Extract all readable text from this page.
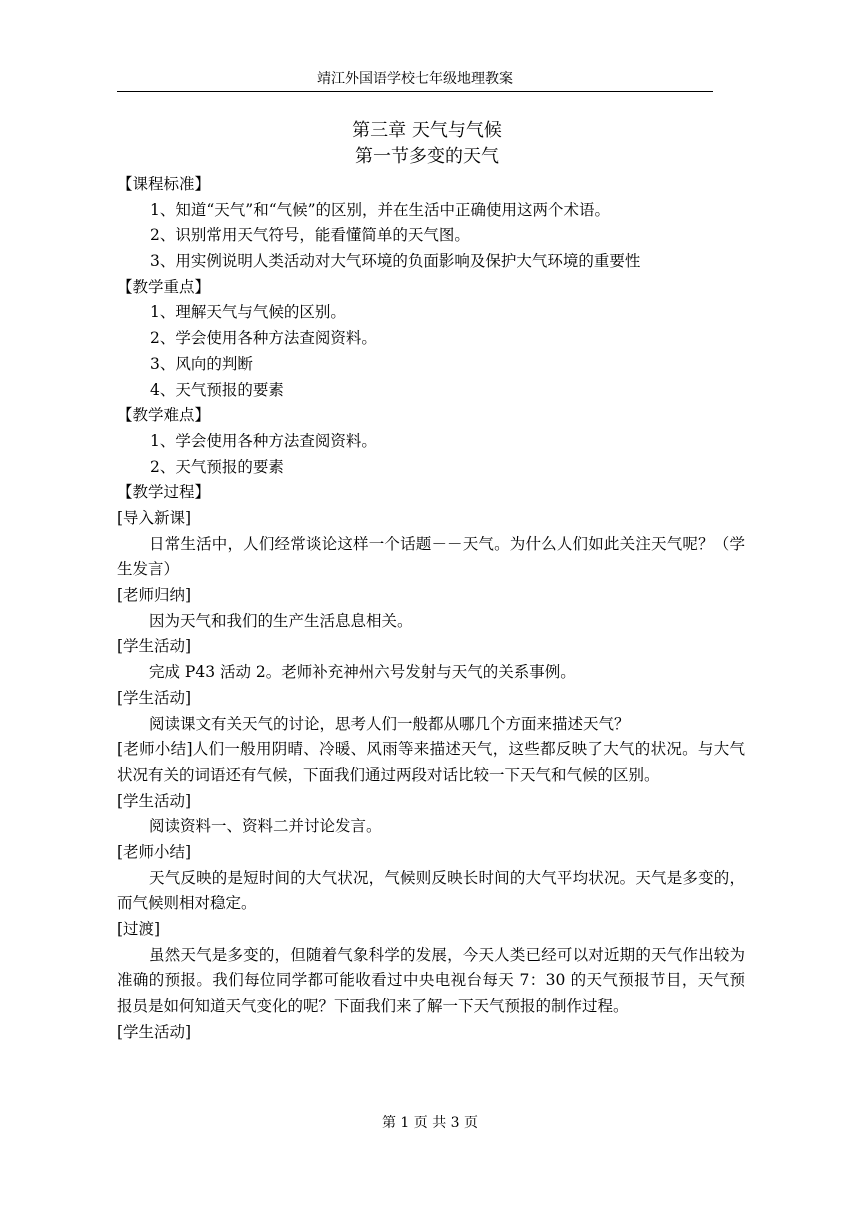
靖江外国语学校七年级地理教案
第三章 天气与气候
第一节多变的天气
【课程标准】
1、知道“天气”和“气候”的区别，并在生活中正确使用这两个术语。
2、识别常用天气符号，能看懂简单的天气图。
3、用实例说明人类活动对大气环境的负面影响及保护大气环境的重要性
【教学重点】
1、理解天气与气候的区别。
2、学会使用各种方法查阅资料。
3、风向的判断
4、天气预报的要素
【教学难点】
1、学会使用各种方法查阅资料。
2、天气预报的要素
【教学过程】
[导入新课]
日常生活中，人们经常谈论这样一个话题－－天气。为什么人们如此关注天气呢？（学生发言）
[老师归纳]
因为天气和我们的生产生活息息相关。
[学生活动]
完成 P43 活动 2。老师补充神州六号发射与天气的关系事例。
[学生活动]
阅读课文有关天气的讨论，思考人们一般都从哪几个方面来描述天气？
[老师小结]人们一般用阴晴、冷暖、风雨等来描述天气，这些都反映了大气的状况。与大气状况有关的词语还有气候，下面我们通过两段对话比较一下天气和气候的区别。
[学生活动]
阅读资料一、资料二并讨论发言。
[老师小结]
天气反映的是短时间的大气状况，气候则反映长时间的大气平均状况。天气是多变的，而气候则相对稳定。
[过渡]
虽然天气是多变的，但随着气象科学的发展，今天人类已经可以对近期的天气作出较为准确的预报。我们每位同学都可能收看过中央电视台每天 7：30 的天气预报节目，天气预报员是如何知道天气变化的呢？下面我们来了解一下天气预报的制作过程。
[学生活动]
第 1 页 共 3 页
